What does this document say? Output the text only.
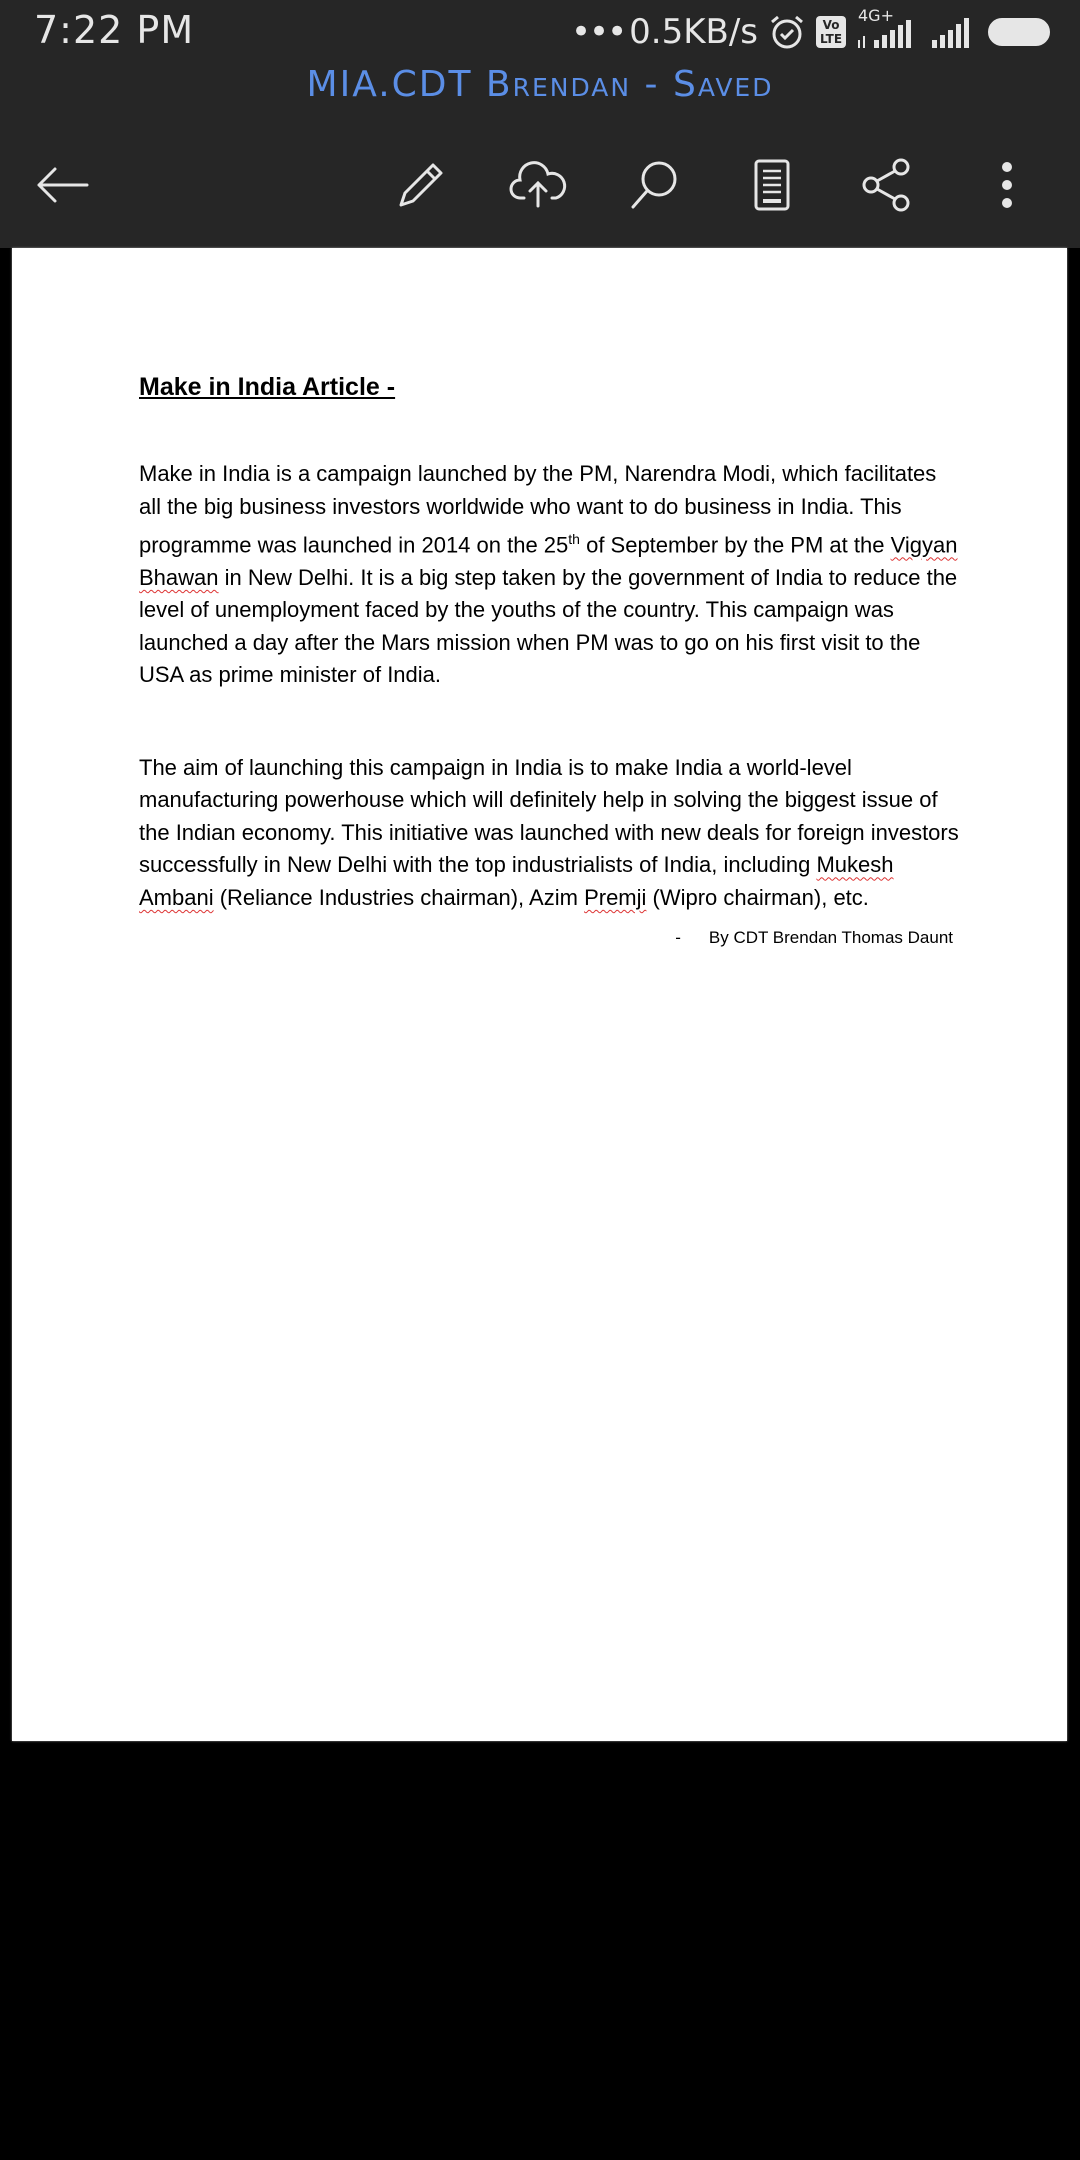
7:22 PM	••• 0.5KB/s	Vo LTE
4G+
41
MIA.CDT Brendan - Saved

Make in India Article -

Make in India is a campaign launched by the PM, Narendra Modi, which facilitates all the big business investors worldwide who want to do business in India. This programme was launched in 2014 on the 25th of September by the PM at the Vigyan Bhawan in New Delhi. It is a big step taken by the government of India to reduce the level of unemployment faced by the youths of the country. This campaign was launched a day after the Mars mission when PM was to go on his first visit to the USA as prime minister of India.

The aim of launching this campaign in India is to make India a world-level manufacturing powerhouse which will definitely help in solving the biggest issue of the Indian economy. This initiative was launched with new deals for foreign investors successfully in New Delhi with the top industrialists of India, including Mukesh Ambani (Reliance Industries chairman), Azim Premji (Wipro chairman), etc.

- By CDT Brendan Thomas Daunt
